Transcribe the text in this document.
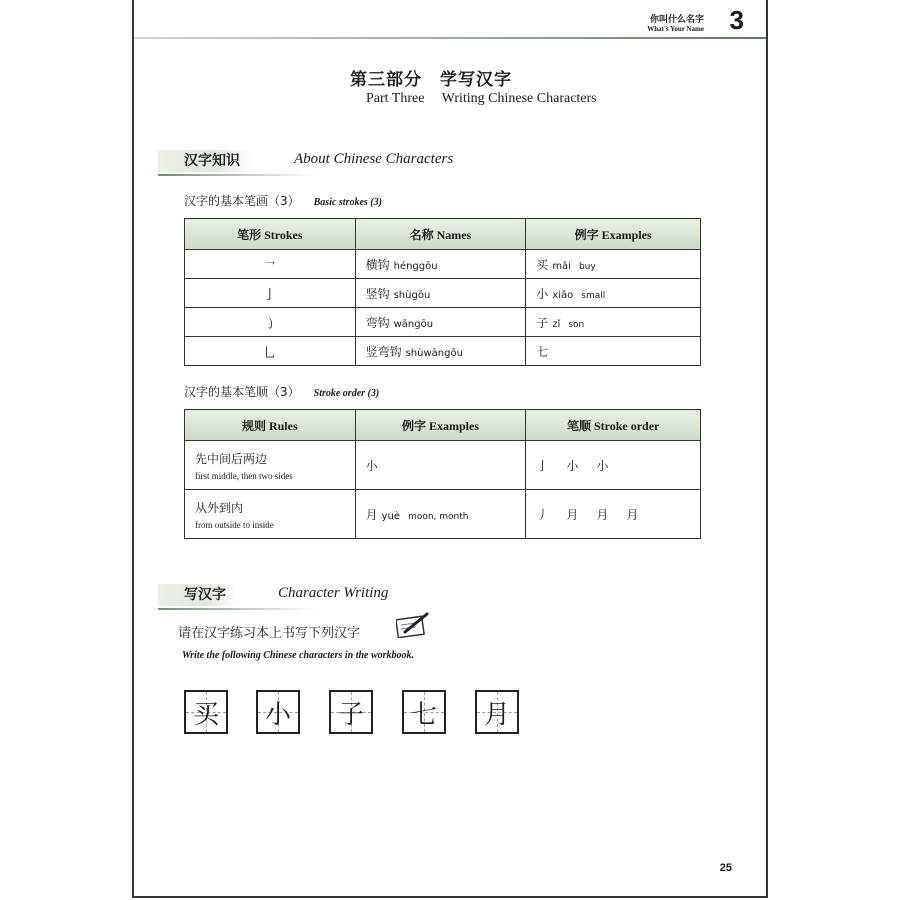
你叫什么名字
What's Your Name 3
第三部分　学写汉字
Part Three　 Writing Chinese Characters
汉字知识	About Chinese Characters
汉字的基本笔画（3） Basic strokes (3)
笔形 Strokes	名称 Names	例字 Examples
㇖	横钩 hénggōu	买 mǎi buy
亅	竖钩 shùgōu	小 xiǎo small
㇁	弯钩 wāngōu	子 zǐ son
乚	竖弯钩 shùwāngōu	七
汉字的基本笔顺（3） Stroke order (3)
规则 Rules	例字 Examples	笔顺 Stroke order

先中间后两边
first middle, then two sides	小	亅 小 小

从外到内
from outside to inside	月 yuè moon, month	丿 月 月 月
写汉字	Character Writing
请在汉字练习本上书写下列汉字
Write the following Chinese characters in the workbook.
买 小 子 七 月
25
